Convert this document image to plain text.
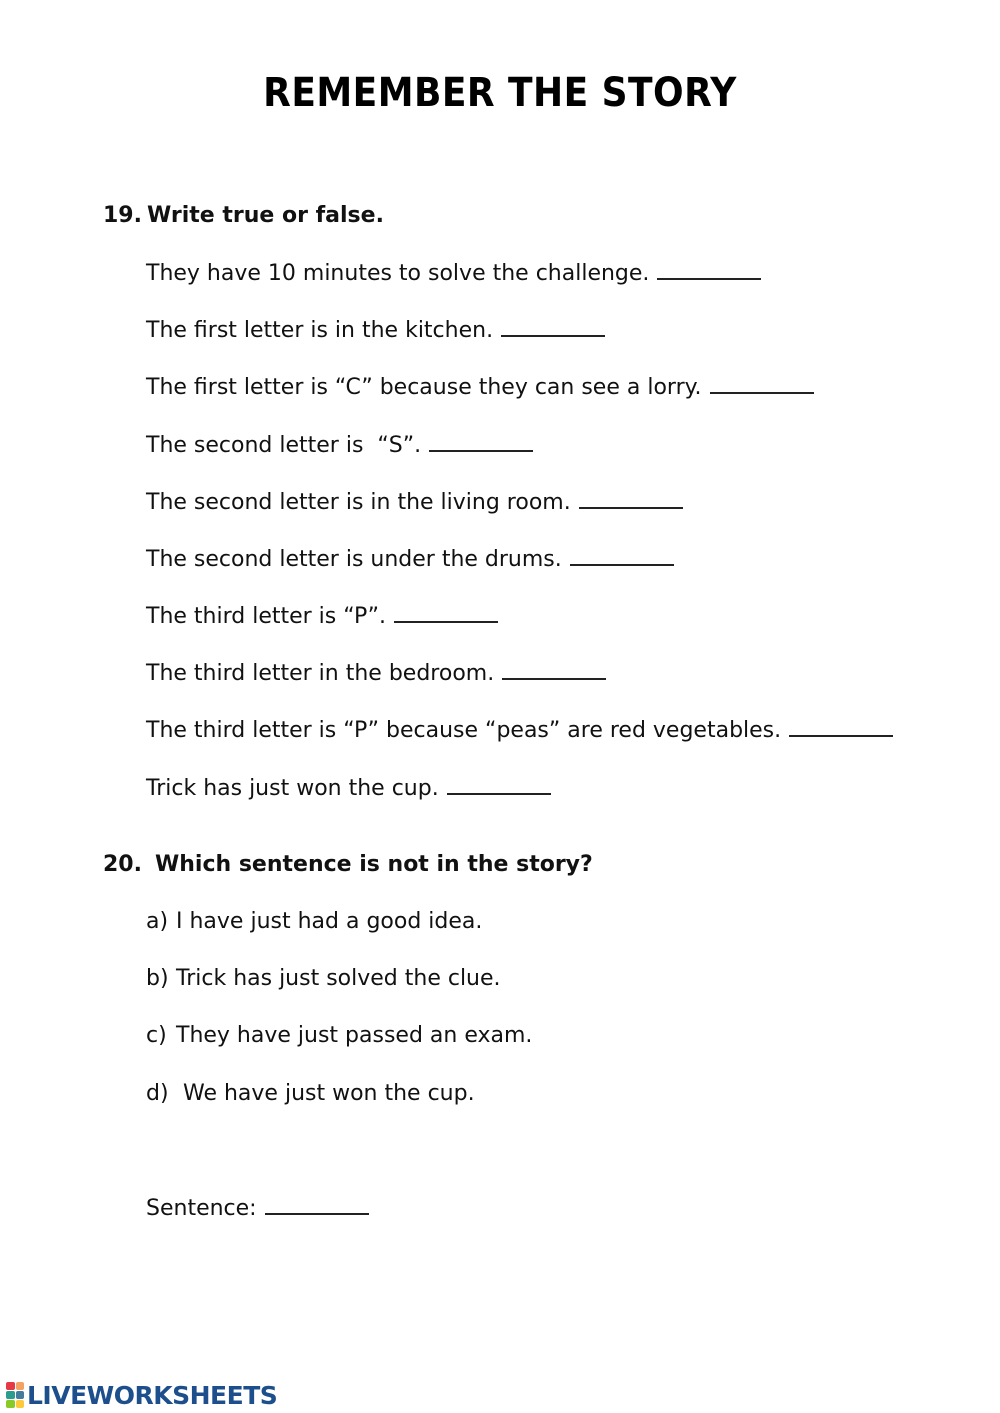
REMEMBER THE STORY
19. Write true or false.
They have 10 minutes to solve the challenge.
The first letter is in the kitchen.
The first letter is “C” because they can see a lorry.
The second letter is  “S”.
The second letter is in the living room.
The second letter is under the drums.
The third letter is “P”.
The third letter in the bedroom.
The third letter is “P” because “peas” are red vegetables.
Trick has just won the cup.
20. Which sentence is not in the story?
a) I have just had a good idea.
b) Trick has just solved the clue.
c) They have just passed an exam.
d) We have just won the cup.
Sentence:
LIVEWORKSHEETS
